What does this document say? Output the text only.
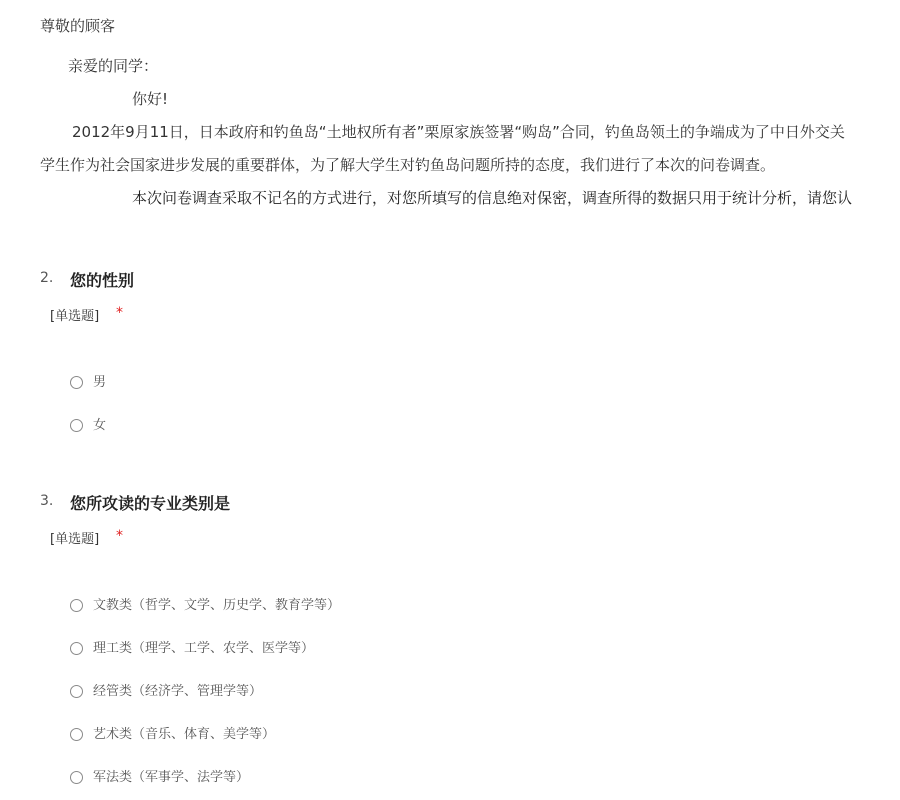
尊敬的顾客
亲爱的同学：
你好!
2012年9月11日，日本政府和钓鱼岛“土地权所有者”栗原家族签署“购岛”合同，钓鱼岛领土的争端成为了中日外交关
学生作为社会国家进步发展的重要群体，为了解大学生对钓鱼岛问题所持的态度，我们进行了本次的问卷调查。
本次问卷调查采取不记名的方式进行，对您所填写的信息绝对保密，调查所得的数据只用于统计分析，请您认
2. 您的性别
[单选题] *
男
女
3. 您所攻读的专业类别是
[单选题] *
文教类（哲学、文学、历史学、教育学等）
理工类（理学、工学、农学、医学等）
经管类（经济学、管理学等）
艺术类（音乐、体育、美学等）
军法类（军事学、法学等）
